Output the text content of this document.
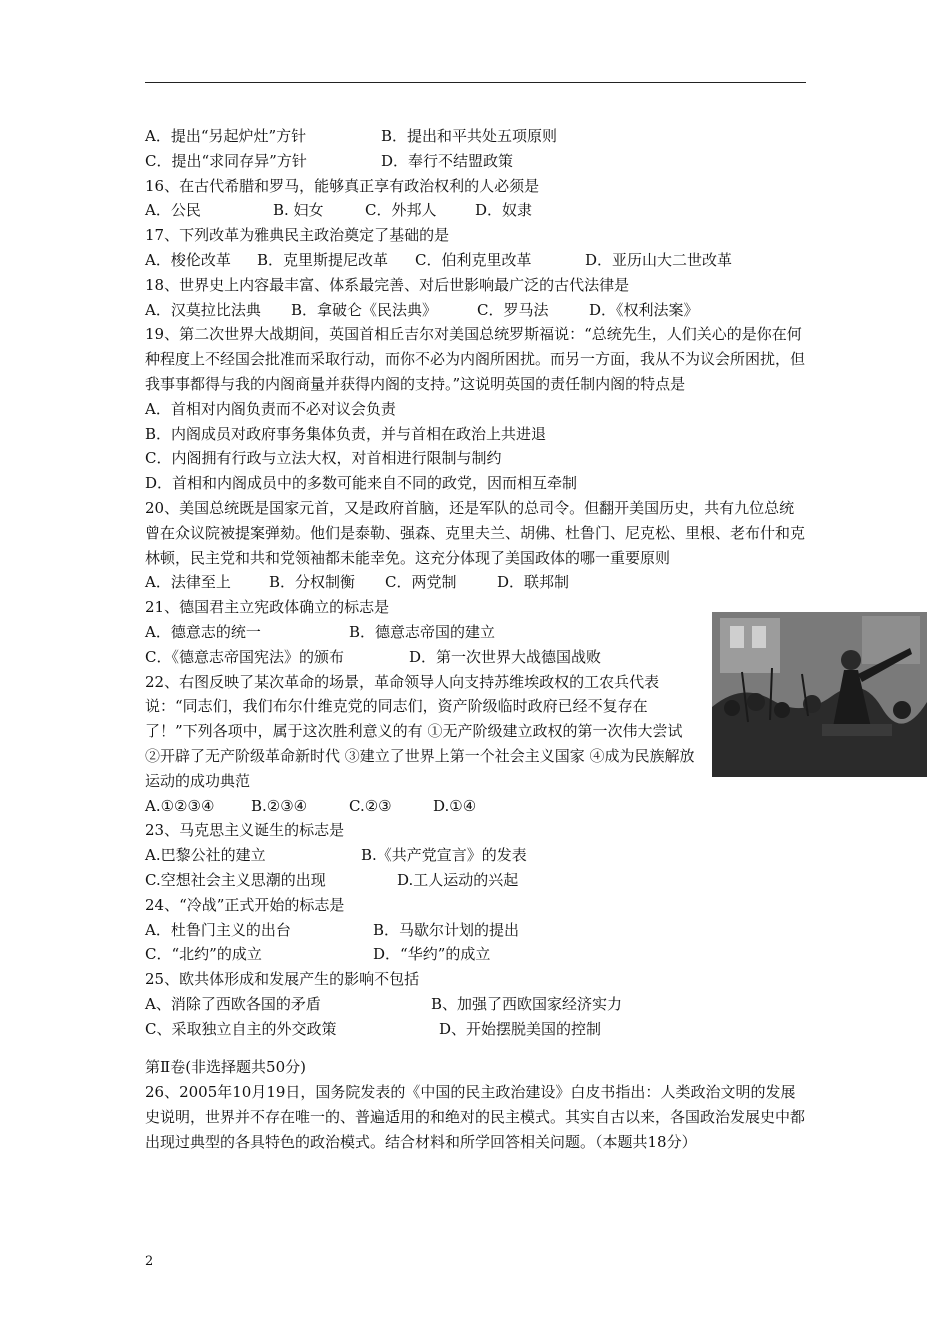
A．提出“另起炉灶”方针	B．提出和平共处五项原则
C．提出“求同存异”方针	D．奉行不结盟政策
16、在古代希腊和罗马，能够真正享有政治权利的人必须是
A．公民	B. 妇女	C．外邦人	D．奴隶
17、下列改革为雅典民主政治奠定了基础的是
A．梭伦改革 B．克里斯提尼改革 C．伯利克里改革	D．亚历山大二世改革
18、世界史上内容最丰富、体系最完善、对后世影响最广泛的古代法律是
A．汉莫拉比法典 B．拿破仑《民法典》	C．罗马法	D．《权利法案》
19、第二次世界大战期间，英国首相丘吉尔对美国总统罗斯福说：“总统先生，人们关心的是你在何种程度上不经国会批准而采取行动，而你不必为内阁所困扰。而另一方面，我从不为议会所困扰，但我事事都得与我的内阁商量并获得内阁的支持。”这说明英国的责任制内阁的特点是
A．首相对内阁负责而不必对议会负责
B．内阁成员对政府事务集体负责，并与首相在政治上共进退
C．内阁拥有行政与立法大权，对首相进行限制与制约
D．首相和内阁成员中的多数可能来自不同的政党，因而相互牵制
20、美国总统既是国家元首，又是政府首脑，还是军队的总司令。但翻开美国历史，共有九位总统曾在众议院被提案弹劾。他们是泰勒、强森、克里夫兰、胡佛、杜鲁门、尼克松、里根、老布什和克林顿，民主党和共和党领袖都未能幸免。这充分体现了美国政体的哪一重要原则
A．法律至上	B．分权制衡 C．两党制	D．联邦制
21、德国君主立宪政体确立的标志是
A．德意志的统一	B．德意志帝国的建立
C．《德意志帝国宪法》的颁布	D．第一次世界大战德国战败
22、右图反映了某次革命的场景，革命领导人向支持苏维埃政权的工农兵代表说：“同志们，我们布尔什维克党的同志们，资产阶级临时政府已经不复存在了！”下列各项中，属于这次胜利意义的有 ①无产阶级建立政权的第一次伟大尝试 ②开辟了无产阶级革命新时代 ③建立了世界上第一个社会主义国家 ④成为民族解放运动的成功典范
A.①②③④ B.②③④	C.②③	D.①④
23、马克思主义诞生的标志是
A.巴黎公社的建立	B.《共产党宣言》的发表
C.空想社会主义思潮的出现	D.工人运动的兴起
24、“冷战”正式开始的标志是
A．杜鲁门主义的出台	B．马歇尔计划的提出
C．“北约”的成立	D．“华约”的成立
25、欧共体形成和发展产生的影响不包括
A、消除了西欧各国的矛盾	B、加强了西欧国家经济实力
C、采取独立自主的外交政策	D、开始摆脱美国的控制
第Ⅱ卷(非选择题共50分)
26、2005年10月19日，国务院发表的《中国的民主政治建设》白皮书指出：人类政治文明的发展史说明，世界并不存在唯一的、普遍适用的和绝对的民主模式。其实自古以来，各国政治发展史中都出现过典型的各具特色的政治模式。结合材料和所学回答相关问题。（本题共18分）
2
